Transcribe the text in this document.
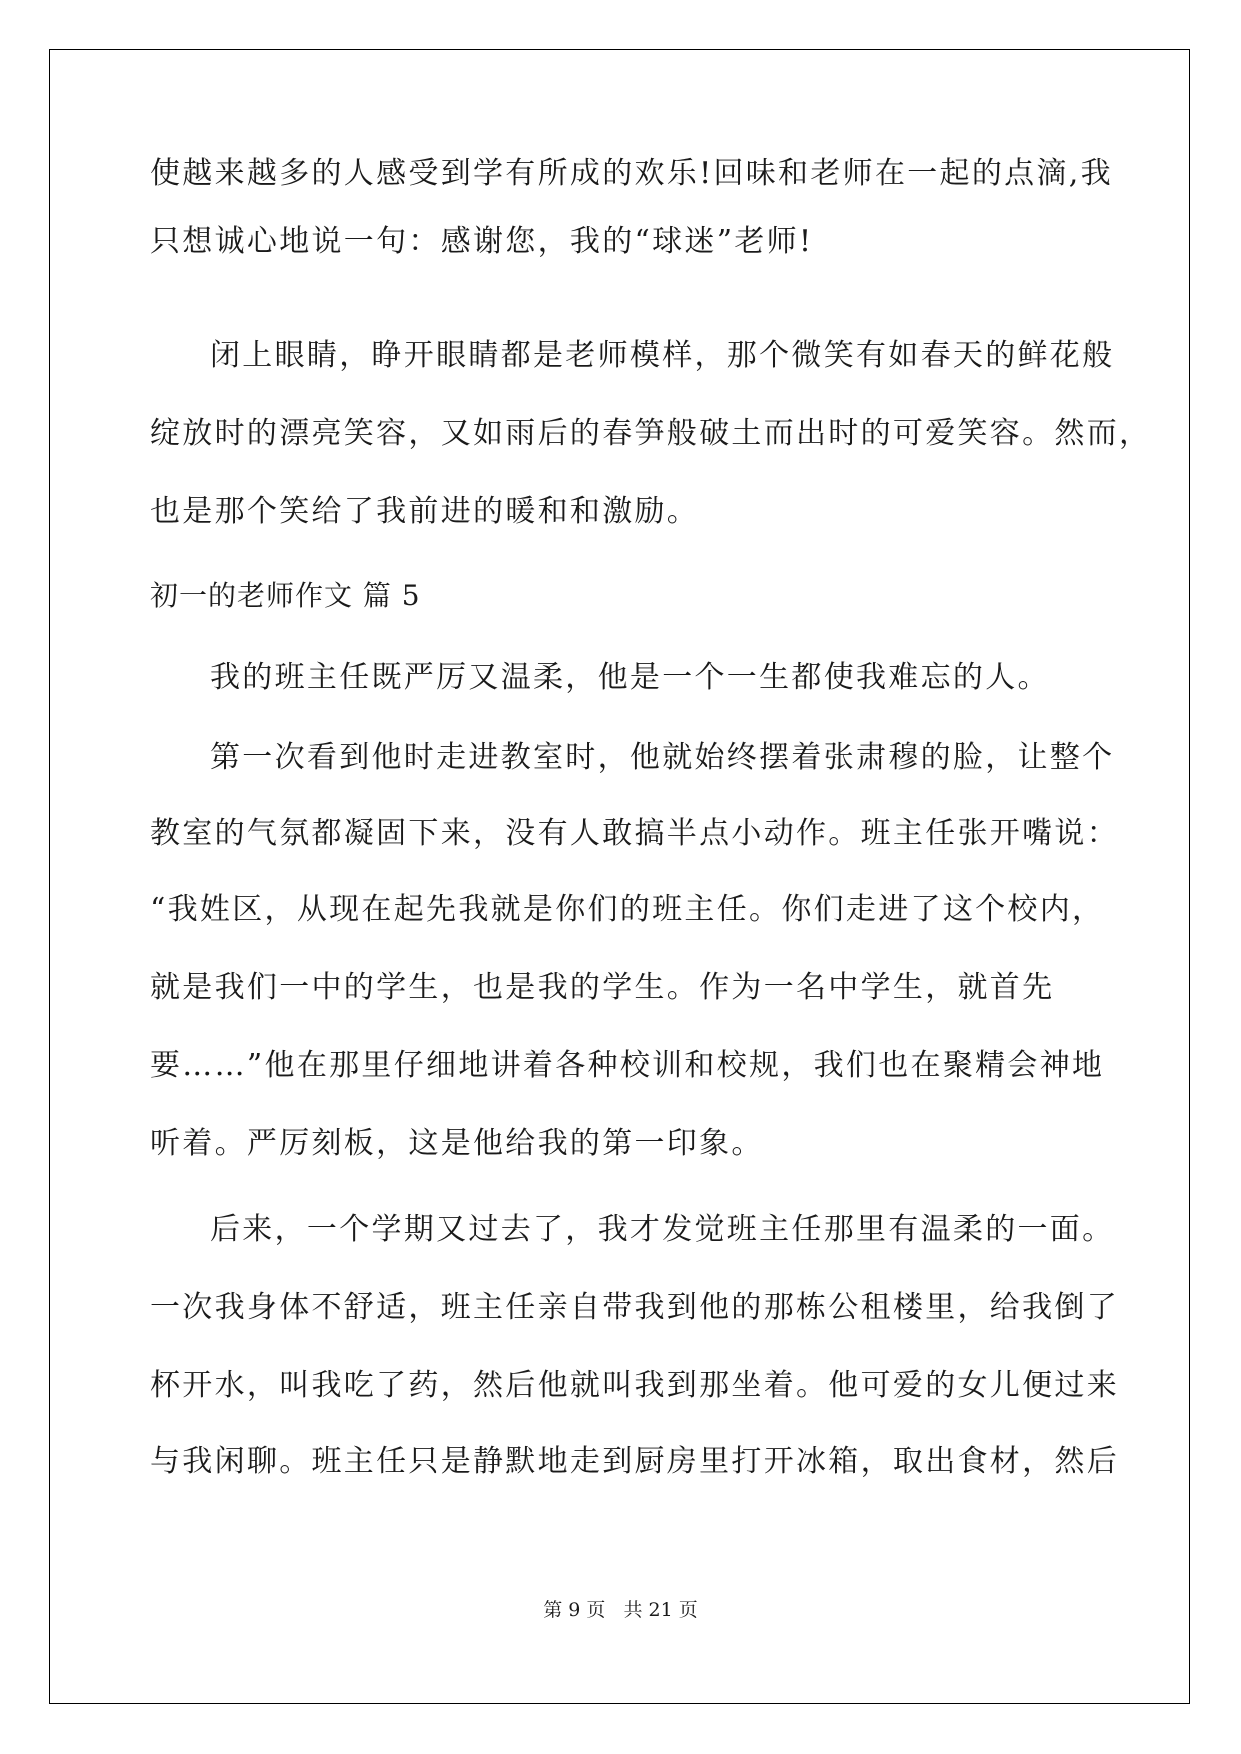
使越来越多的人感受到学有所成的欢乐!回味和老师在一起的点滴,我

只想诚心地说一句：感谢您，我的“球迷”老师!

闭上眼睛，睁开眼睛都是老师模样，那个微笑有如春天的鲜花般

绽放时的漂亮笑容，又如雨后的春笋般破土而出时的可爱笑容。然而，

也是那个笑给了我前进的暖和和激励。

初一的老师作文 篇 5

我的班主任既严厉又温柔，他是一个一生都使我难忘的人。

第一次看到他时走进教室时，他就始终摆着张肃穆的脸，让整个

教室的气氛都凝固下来，没有人敢搞半点小动作。班主任张开嘴说：

“我姓区，从现在起先我就是你们的班主任。你们走进了这个校内，

就是我们一中的学生，也是我的学生。作为一名中学生，就首先

要……”他在那里仔细地讲着各种校训和校规，我们也在聚精会神地

听着。严厉刻板，这是他给我的第一印象。

后来，一个学期又过去了，我才发觉班主任那里有温柔的一面。

一次我身体不舒适，班主任亲自带我到他的那栋公租楼里，给我倒了

杯开水，叫我吃了药，然后他就叫我到那坐着。他可爱的女儿便过来

与我闲聊。班主任只是静默地走到厨房里打开冰箱，取出食材，然后

第 9 页 共 21 页
